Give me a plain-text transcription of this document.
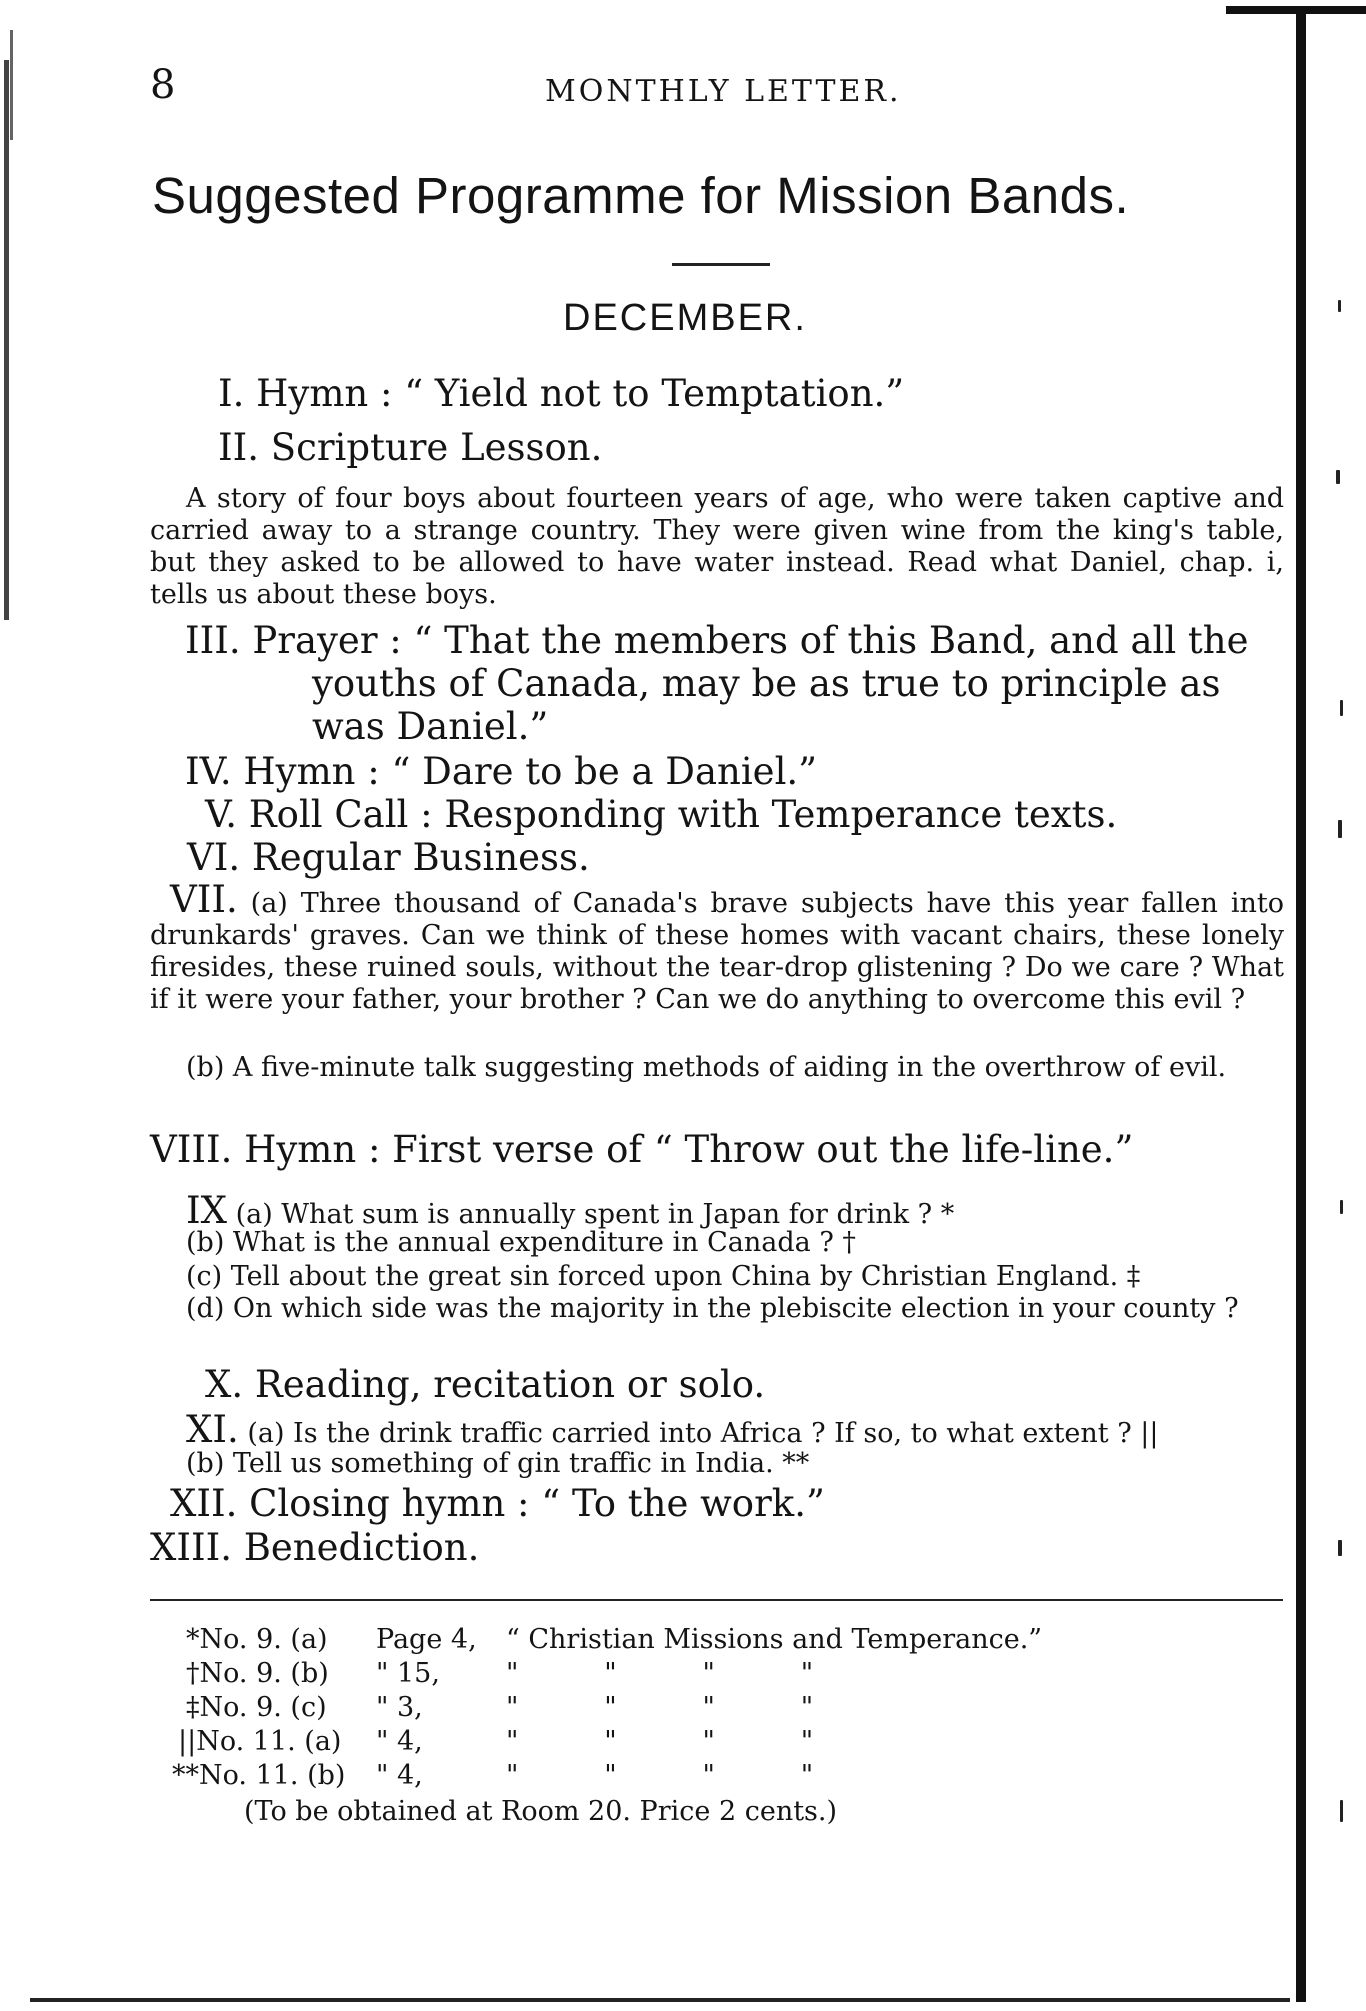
8	MONTHLY LETTER.
Suggested Programme for Mission Bands.
DECEMBER.
I. Hymn : “ Yield not to Temptation.”
II. Scripture Lesson.
A story of four boys about fourteen years of age, who were taken captive and carried away to a strange country. They were given wine from the king's table, but they asked to be allowed to have water instead. Read what Daniel, chap. i, tells us about these boys.
III. Prayer : “ That the members of this Band, and all the
youths of Canada, may be as true to principle as
was Daniel.”
IV. Hymn : “ Dare to be a Daniel.”
V. Roll Call : Responding with Temperance texts.
VI. Regular Business.
VII. (a) Three thousand of Canada's brave subjects have this year fallen into drunkards' graves. Can we think of these homes with vacant chairs, these lonely firesides, these ruined souls, without the tear-drop glistening ? Do we care ? What if it were your father, your brother ? Can we do anything to overcome this evil ?
(b) A five-minute talk suggesting methods of aiding in the overthrow of evil.
VIII. Hymn : First verse of “ Throw out the life-line.”
IX (a) What sum is annually spent in Japan for drink ? *
(b) What is the annual expenditure in Canada ? †
(c) Tell about the great sin forced upon China by Christian England. ‡
(d) On which side was the majority in the plebiscite election in your county ?
X. Reading, recitation or solo.
XI. (a) Is the drink traffic carried into Africa ? If so, to what extent ? ||
(b) Tell us something of gin traffic in India. **
XII. Closing hymn : “ To the work.”
XIII. Benediction.
*No. 9. (a) Page 4, “ Christian Missions and Temperance.”
†No. 9. (b) " 15, "          "          "          "
‡No. 9. (c) " 3,	"          "          "          "
||No. 11. (a) " 4,	"          "          "          "
**No. 11. (b) " 4,	"          "          "          "
(To be obtained at Room 20. Price 2 cents.)
